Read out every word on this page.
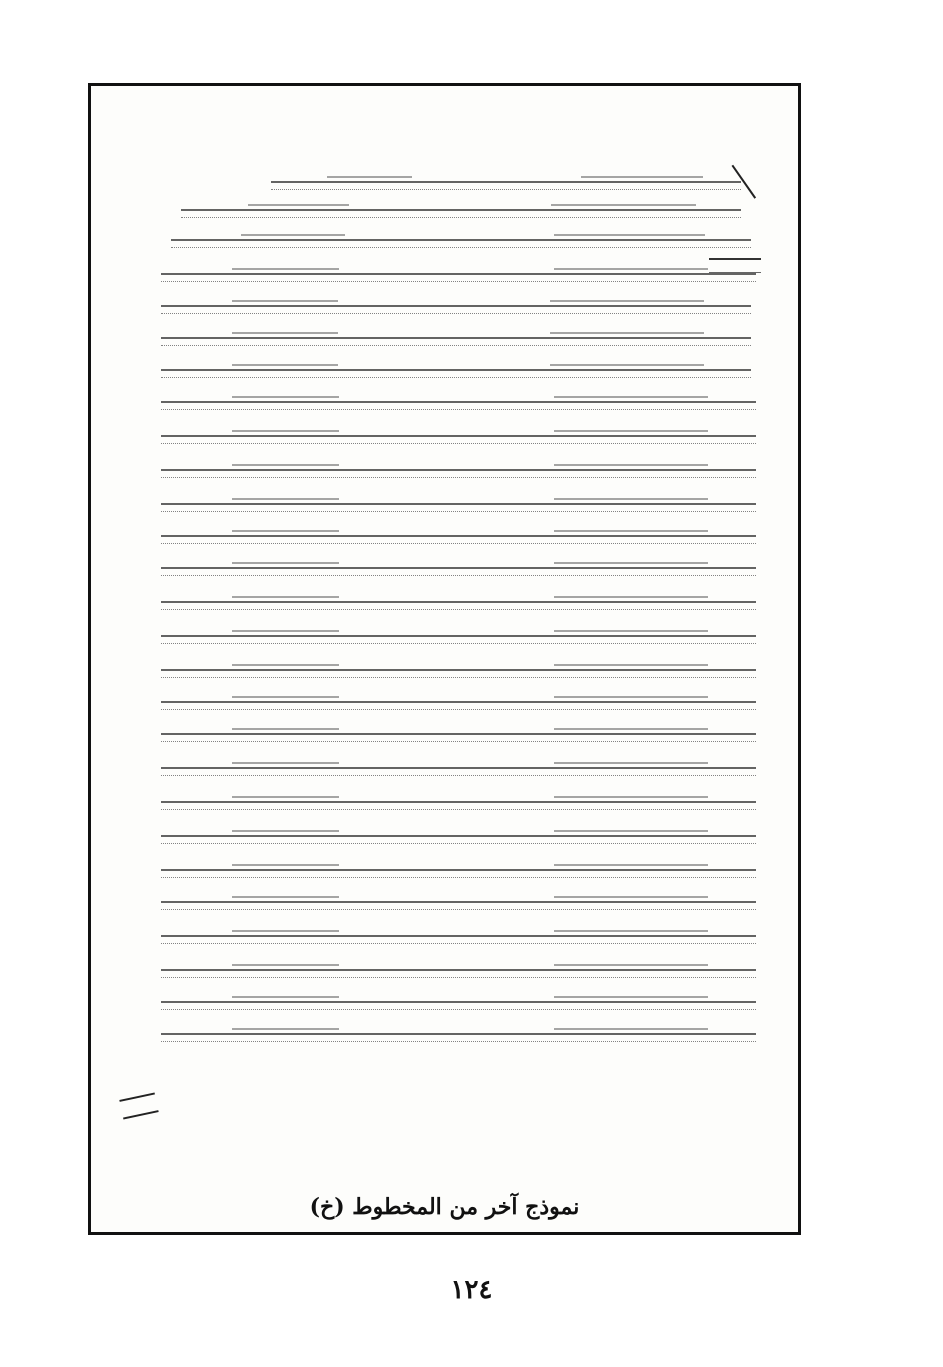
نموذج آخر من المخطوط (خ)
١٢٤
